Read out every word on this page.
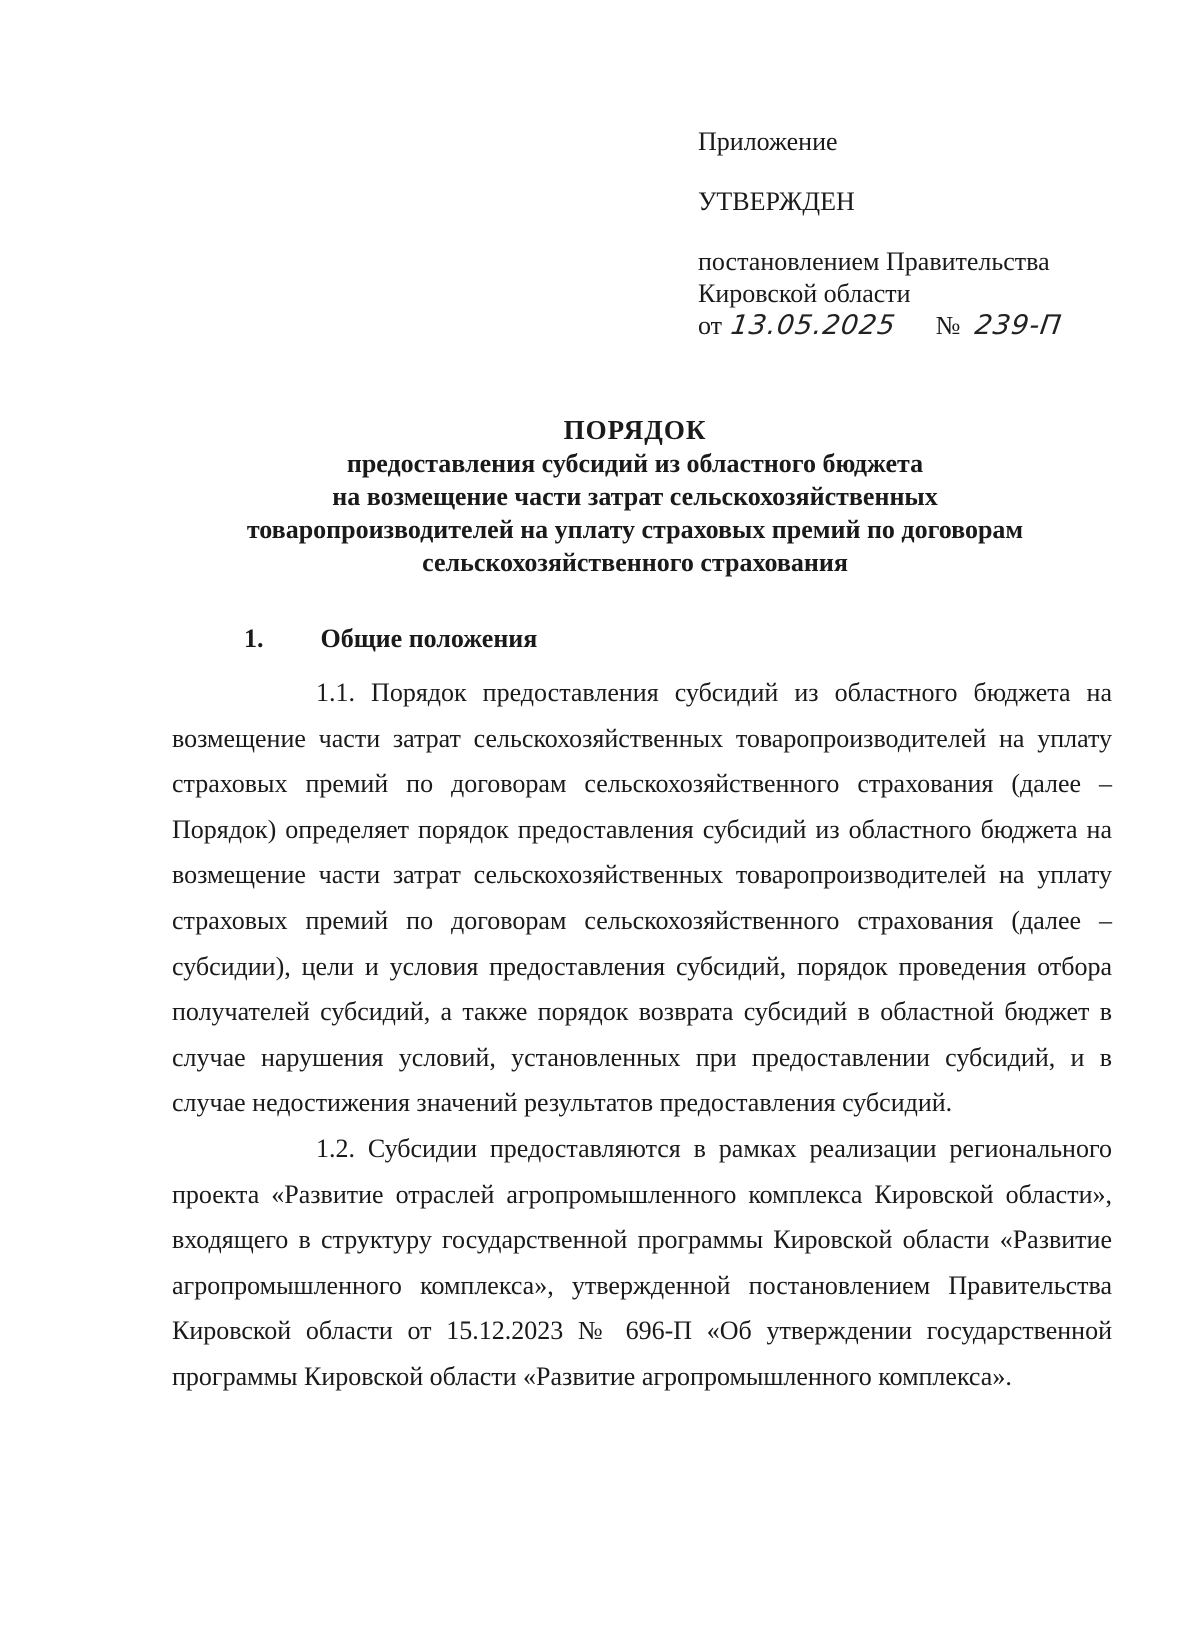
Приложение
УТВЕРЖДЕН
постановлением Правительства
Кировской области
от 13.05.2025 № 239-П
ПОРЯДОК
предоставления субсидий из областного бюджета
на возмещение части затрат сельскохозяйственных
товаропроизводителей на уплату страховых премий по договорам
сельскохозяйственного страхования
1. Общие положения

1.1. Порядок предоставления субсидий из областного бюджета на возмещение части затрат сельскохозяйственных товаропроизводителей на уплату страховых премий по договорам сельскохозяйственного страхования (далее – Порядок) определяет порядок предоставления субсидий из областного бюджета на возмещение части затрат сельскохозяйственных товаропроизводителей на уплату страховых премий по договорам сельскохозяйственного страхования (далее – субсидии), цели и условия предоставления субсидий, порядок проведения отбора получателей субсидий, а также порядок возврата субсидий в областной бюджет в случае нарушения условий, установленных при предоставлении субсидий, и в случае недостижения значений результатов предоставления субсидий.

1.2. Субсидии предоставляются в рамках реализации регионального проекта «Развитие отраслей агропромышленного комплекса Кировской области», входящего в структуру государственной программы Кировской области «Развитие агропромышленного комплекса», утвержденной постановлением Правительства Кировской области от 15.12.2023 № 696-П «Об утверждении государственной программы Кировской области «Развитие агропромышленного комплекса».
